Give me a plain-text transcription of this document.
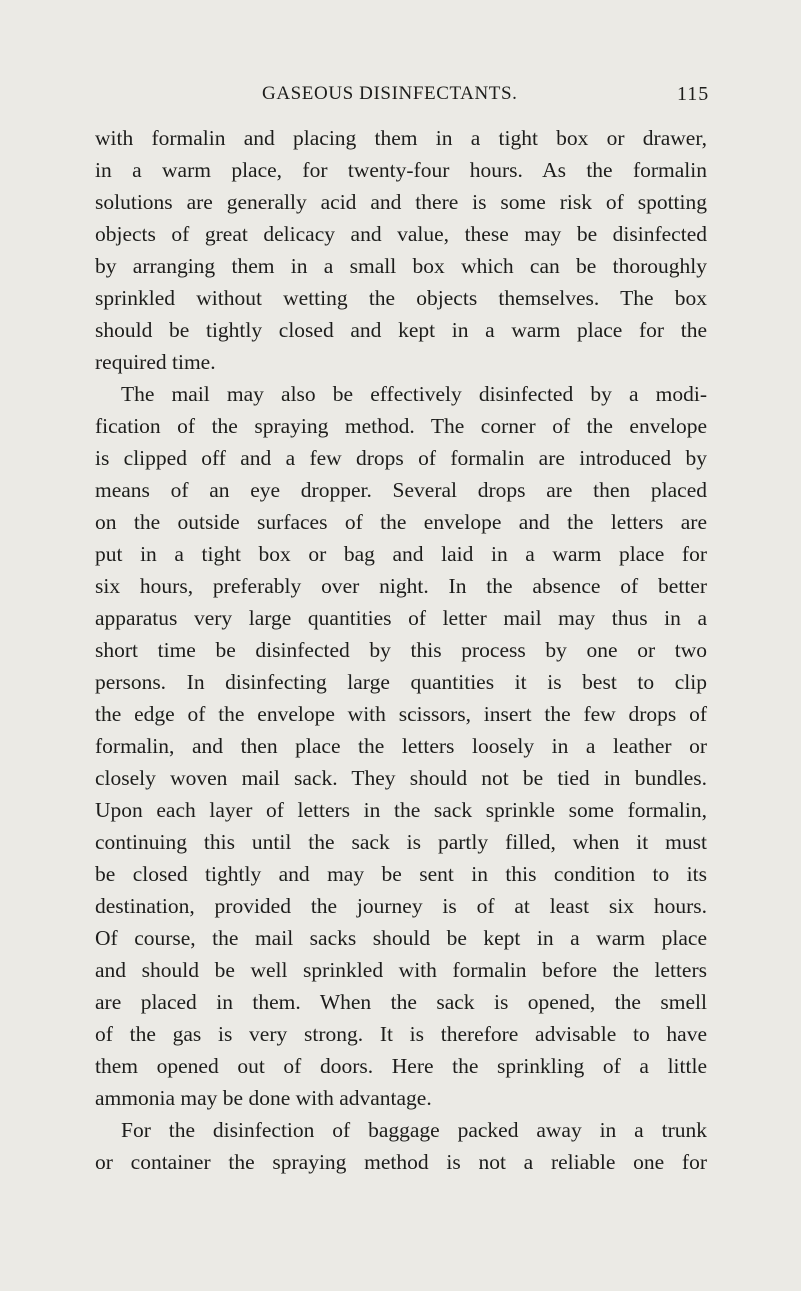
GASEOUS DISINFECTANTS.	115
with formalin and placing them in a tight box or drawer,
in a warm place, for twenty-four hours. As the formalin
solutions are generally acid and there is some risk of spotting
objects of great delicacy and value, these may be disinfected
by arranging them in a small box which can be thoroughly
sprinkled without wetting the objects themselves. The box
should be tightly closed and kept in a warm place for the
required time.
The mail may also be effectively disinfected by a modi-
fication of the spraying method. The corner of the envelope
is clipped off and a few drops of formalin are introduced by
means of an eye dropper. Several drops are then placed
on the outside surfaces of the envelope and the letters are
put in a tight box or bag and laid in a warm place for
six hours, preferably over night. In the absence of better
apparatus very large quantities of letter mail may thus in a
short time be disinfected by this process by one or two
persons. In disinfecting large quantities it is best to clip
the edge of the envelope with scissors, insert the few drops of
formalin, and then place the letters loosely in a leather or
closely woven mail sack. They should not be tied in bundles.
Upon each layer of letters in the sack sprinkle some formalin,
continuing this until the sack is partly filled, when it must
be closed tightly and may be sent in this condition to its
destination, provided the journey is of at least six hours.
Of course, the mail sacks should be kept in a warm place
and should be well sprinkled with formalin before the letters
are placed in them. When the sack is opened, the smell
of the gas is very strong. It is therefore advisable to have
them opened out of doors. Here the sprinkling of a little
ammonia may be done with advantage.
For the disinfection of baggage packed away in a trunk
or container the spraying method is not a reliable one for
